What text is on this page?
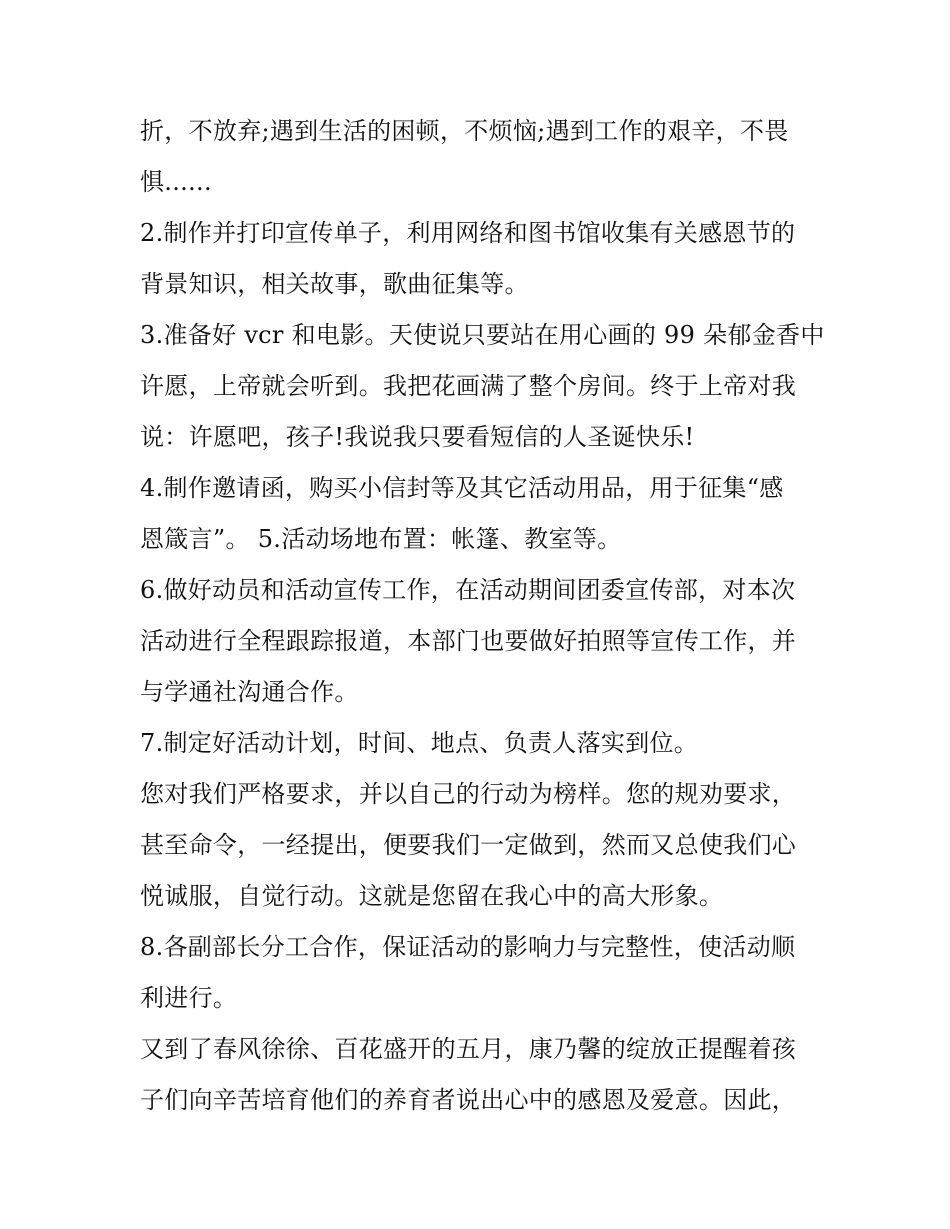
折，不放弃;遇到生活的困顿，不烦恼;遇到工作的艰辛，不畏
惧......
2.制作并打印宣传单子，利用网络和图书馆收集有关感恩节的
背景知识，相关故事，歌曲征集等。
3.准备好 vcr 和电影。天使说只要站在用心画的 99 朵郁金香中
许愿，上帝就会听到。我把花画满了整个房间。终于上帝对我
说：许愿吧，孩子!我说我只要看短信的人圣诞快乐!
4.制作邀请函，购买小信封等及其它活动用品，用于征集“感
恩箴言”。 5.活动场地布置：帐篷、教室等。
6.做好动员和活动宣传工作，在活动期间团委宣传部，对本次
活动进行全程跟踪报道，本部门也要做好拍照等宣传工作，并
与学通社沟通合作。
7.制定好活动计划，时间、地点、负责人落实到位。
您对我们严格要求，并以自己的行动为榜样。您的规劝要求，
甚至命令，一经提出，便要我们一定做到，然而又总使我们心
悦诚服，自觉行动。这就是您留在我心中的高大形象。
8.各副部长分工合作，保证活动的影响力与完整性，使活动顺
利进行。
又到了春风徐徐、百花盛开的五月，康乃馨的绽放正提醒着孩
子们向辛苦培育他们的养育者说出心中的感恩及爱意。因此，
